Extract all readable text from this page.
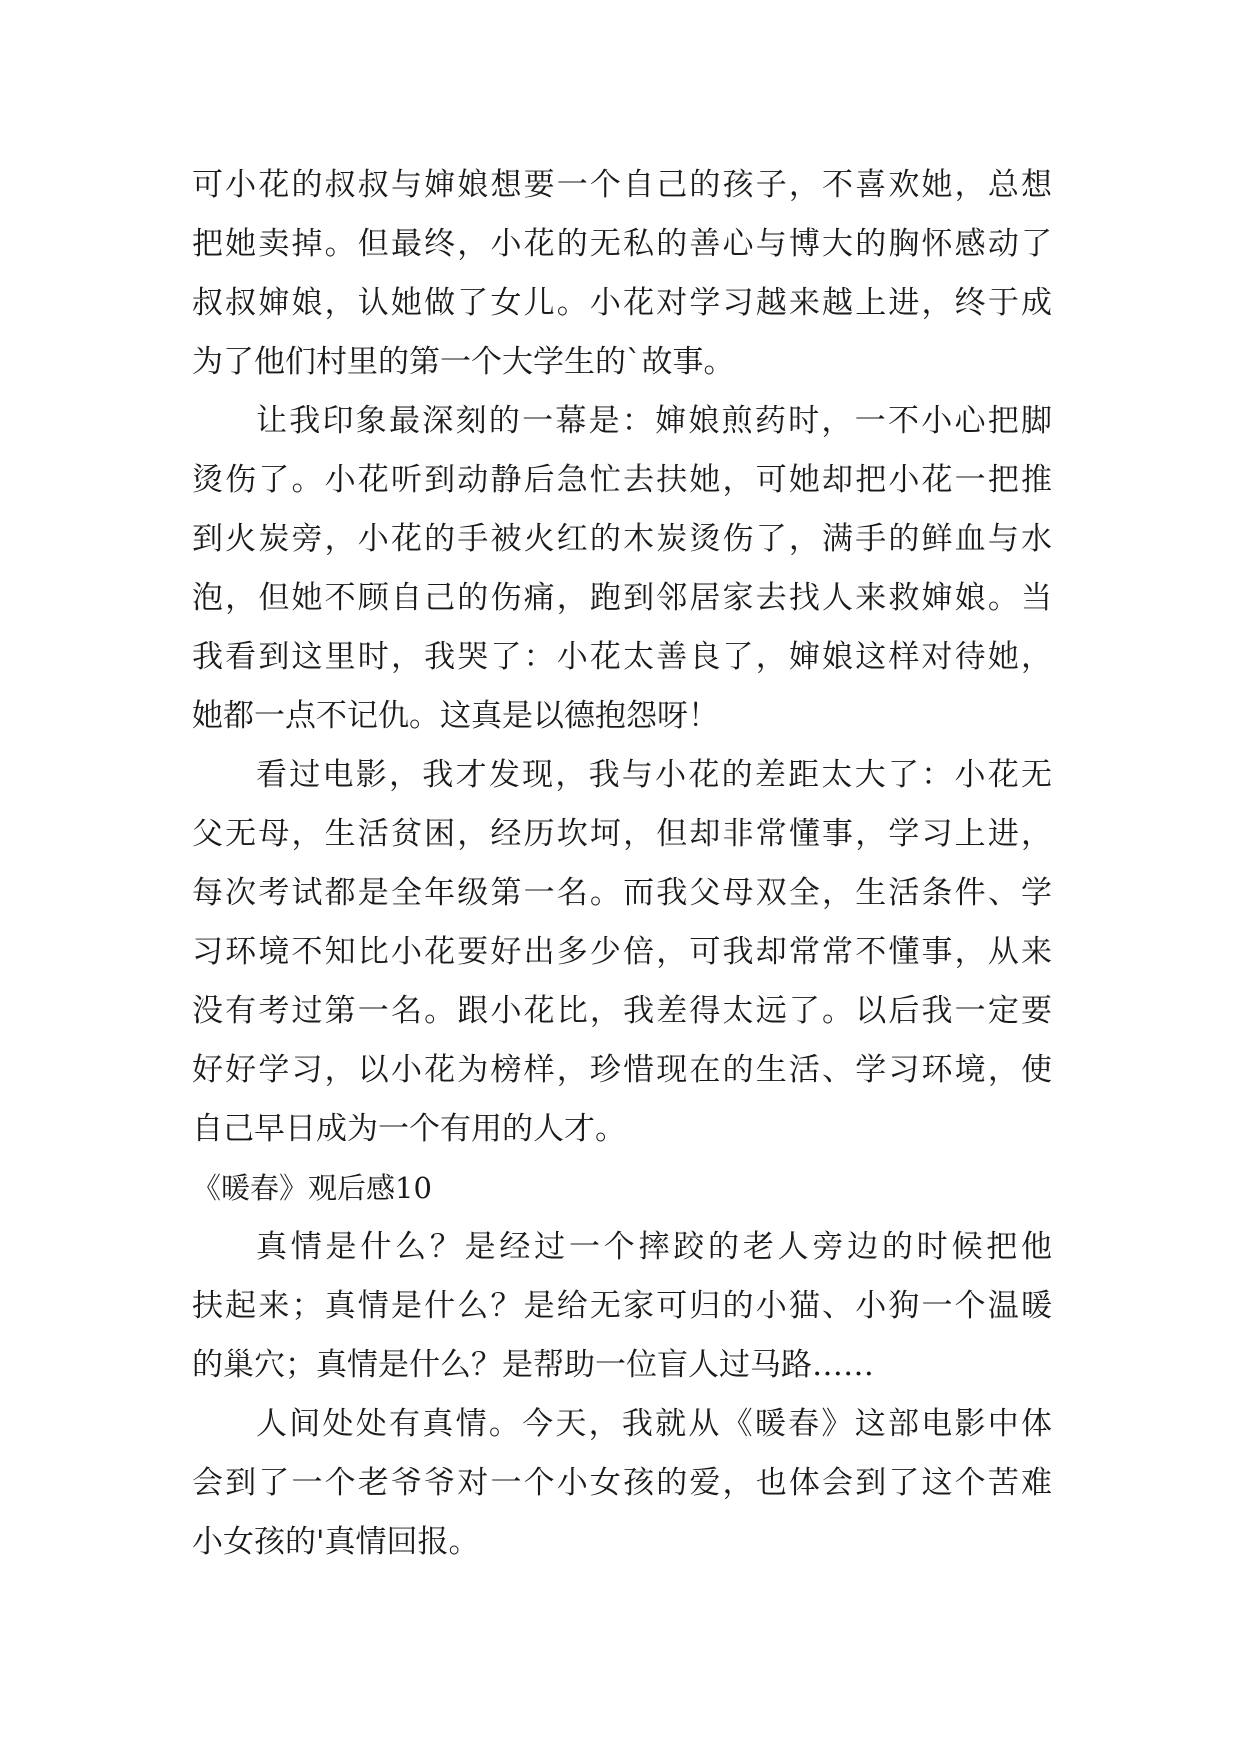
可小花的叔叔与婶娘想要一个自己的孩子，不喜欢她，总想
把她卖掉。但最终，小花的无私的善心与博大的胸怀感动了
叔叔婶娘，认她做了女儿。小花对学习越来越上进，终于成
为了他们村里的第一个大学生的`故事。
让我印象最深刻的一幕是：婶娘煎药时，一不小心把脚
烫伤了。小花听到动静后急忙去扶她，可她却把小花一把推
到火炭旁，小花的手被火红的木炭烫伤了，满手的鲜血与水
泡，但她不顾自己的伤痛，跑到邻居家去找人来救婶娘。当
我看到这里时，我哭了：小花太善良了，婶娘这样对待她，
她都一点不记仇。这真是以德抱怨呀！
看过电影，我才发现，我与小花的差距太大了：小花无
父无母，生活贫困，经历坎坷，但却非常懂事，学习上进，
每次考试都是全年级第一名。而我父母双全，生活条件、学
习环境不知比小花要好出多少倍，可我却常常不懂事，从来
没有考过第一名。跟小花比，我差得太远了。以后我一定要
好好学习，以小花为榜样，珍惜现在的生活、学习环境，使
自己早日成为一个有用的人才。
《暖春》观后感10
真情是什么？是经过一个摔跤的老人旁边的时候把他
扶起来；真情是什么？是给无家可归的小猫、小狗一个温暖
的巢穴；真情是什么？是帮助一位盲人过马路……
人间处处有真情。今天，我就从《暖春》这部电影中体
会到了一个老爷爷对一个小女孩的爱，也体会到了这个苦难
小女孩的'真情回报。
